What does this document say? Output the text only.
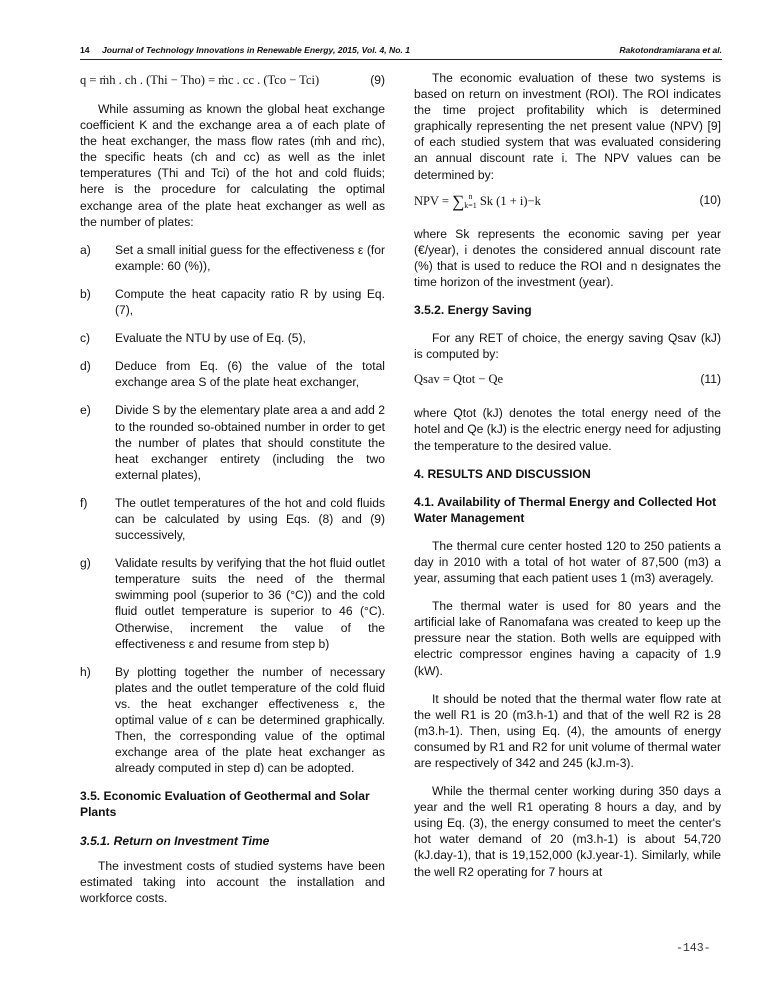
14 Journal of Technology Innovations in Renewable Energy, 2015, Vol. 4, No. 1	Rakotondramiarana et al.
q = ṁh . ch . (Thi − Tho) = ṁc . cc . (Tco − Tci)	(9)

While assuming as known the global heat exchange coefficient K and the exchange area a of each plate of the heat exchanger, the mass flow rates (ṁh and ṁc), the specific heats (ch and cc) as well as the inlet temperatures (Thi and Tci) of the hot and cold fluids; here is the procedure for calculating the optimal exchange area of the plate heat exchanger as well as the number of plates:

a)	Set a small initial guess for the effectiveness ε (for example: 60 (%)),
b)	Compute the heat capacity ratio R by using Eq. (7),
c)	Evaluate the NTU by use of Eq. (5),
d)	Deduce from Eq. (6) the value of the total exchange area S of the plate heat exchanger,
e)	Divide S by the elementary plate area a and add 2 to the rounded so-obtained number in order to get the number of plates that should constitute the heat exchanger entirety (including the two external plates),
f)	The outlet temperatures of the hot and cold fluids can be calculated by using Eqs. (8) and (9) successively,
g)	Validate results by verifying that the hot fluid outlet temperature suits the need of the thermal swimming pool (superior to 36 (°C)) and the cold fluid outlet temperature is superior to 46 (°C). Otherwise, increment the value of the effectiveness ε and resume from step b)
h)	By plotting together the number of necessary plates and the outlet temperature of the cold fluid vs. the heat exchanger effectiveness ε, the optimal value of ε can be determined graphically. Then, the corresponding value of the optimal exchange area of the plate heat exchanger as already computed in step d) can be adopted.
3.5. Economic Evaluation of Geothermal and Solar Plants
3.5.1. Return on Investment Time

The investment costs of studied systems have been estimated taking into account the installation and workforce costs.

The economic evaluation of these two systems is based on return on investment (ROI). The ROI indicates the time project profitability which is determined graphically representing the net present value (NPV) [9] of each studied system that was evaluated considering an annual discount rate i. The NPV values can be determined by:

NPV = ∑ n
k=1 Sk (1 + i)−k	(10)

where Sk represents the economic saving per year (€/year), i denotes the considered annual discount rate (%) that is used to reduce the ROI and n designates the time horizon of the investment (year).

3.5.2. Energy Saving

For any RET of choice, the energy saving Qsav (kJ) is computed by:

Qsav = Qtot − Qe	(11)

where Qtot (kJ) denotes the total energy need of the hotel and Qe (kJ) is the electric energy need for adjusting the temperature to the desired value.

4. RESULTS AND DISCUSSION
4.1. Availability of Thermal Energy and Collected Hot Water Management

The thermal cure center hosted 120 to 250 patients a day in 2010 with a total of hot water of 87,500 (m3) a year, assuming that each patient uses 1 (m3) averagely.

The thermal water is used for 80 years and the artificial lake of Ranomafana was created to keep up the pressure near the station. Both wells are equipped with electric compressor engines having a capacity of 1.9 (kW).

It should be noted that the thermal water flow rate at the well R1 is 20 (m3.h-1) and that of the well R2 is 28 (m3.h-1). Then, using Eq. (4), the amounts of energy consumed by R1 and R2 for unit volume of thermal water are respectively of 342 and 245 (kJ.m-3).

While the thermal center working during 350 days a year and the well R1 operating 8 hours a day, and by using Eq. (3), the energy consumed to meet the center's hot water demand of 20 (m3.h-1) is about 54,720 (kJ.day-1), that is 19,152,000 (kJ.year-1). Similarly, while the well R2 operating for 7 hours at

-143-
